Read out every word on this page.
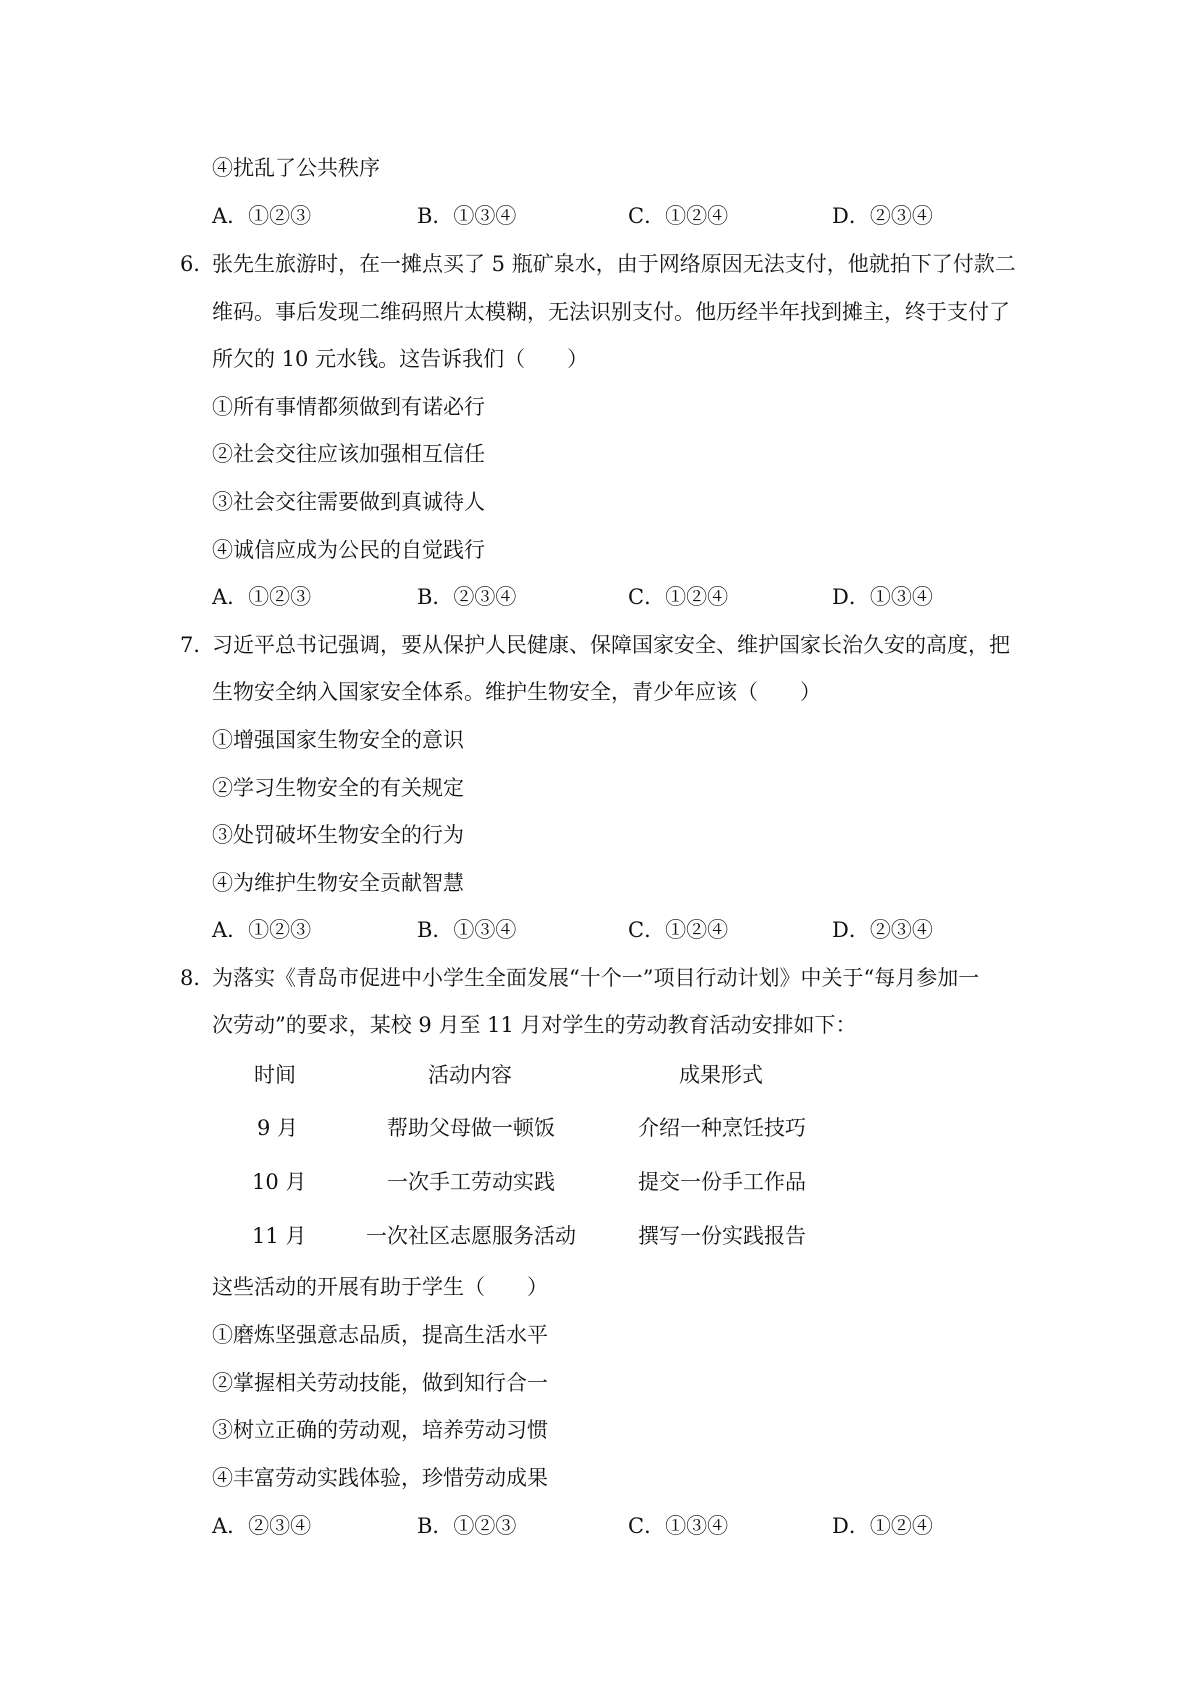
④扰乱了公共秩序
A．①②③	B．①③④	C．①②④	D．②③④
6．
张先生旅游时，在一摊点买了 5 瓶矿泉水，由于网络原因无法支付，他就拍下了付款二
维码。事后发现二维码照片太模糊，无法识别支付。他历经半年找到摊主，终于支付了
所欠的 10 元水钱。这告诉我们（　　）
①所有事情都须做到有诺必行
②社会交往应该加强相互信任
③社会交往需要做到真诚待人
④诚信应成为公民的自觉践行
A．①②③	B．②③④	C．①②④	D．①③④
7．
习近平总书记强调，要从保护人民健康、保障国家安全、维护国家长治久安的高度，把
生物安全纳入国家安全体系。维护生物安全，青少年应该（　　）
①增强国家生物安全的意识
②学习生物安全的有关规定
③处罚破坏生物安全的行为
④为维护生物安全贡献智慧
A．①②③	B．①③④	C．①②④	D．②③④
8．
为落实《青岛市促进中小学生全面发展“十个一”项目行动计划》中关于“每月参加一
次劳动”的要求，某校 9 月至 11 月对学生的劳动教育活动安排如下：
时间	活动内容	成果形式
9 月	帮助父母做一顿饭	介绍一种烹饪技巧
10 月	一次手工劳动实践	提交一份手工作品
11 月	一次社区志愿服务活动	撰写一份实践报告
这些活动的开展有助于学生（　　）
①磨炼坚强意志品质，提高生活水平
②掌握相关劳动技能，做到知行合一
③树立正确的劳动观，培养劳动习惯
④丰富劳动实践体验，珍惜劳动成果
A．②③④	B．①②③	C．①③④	D．①②④
